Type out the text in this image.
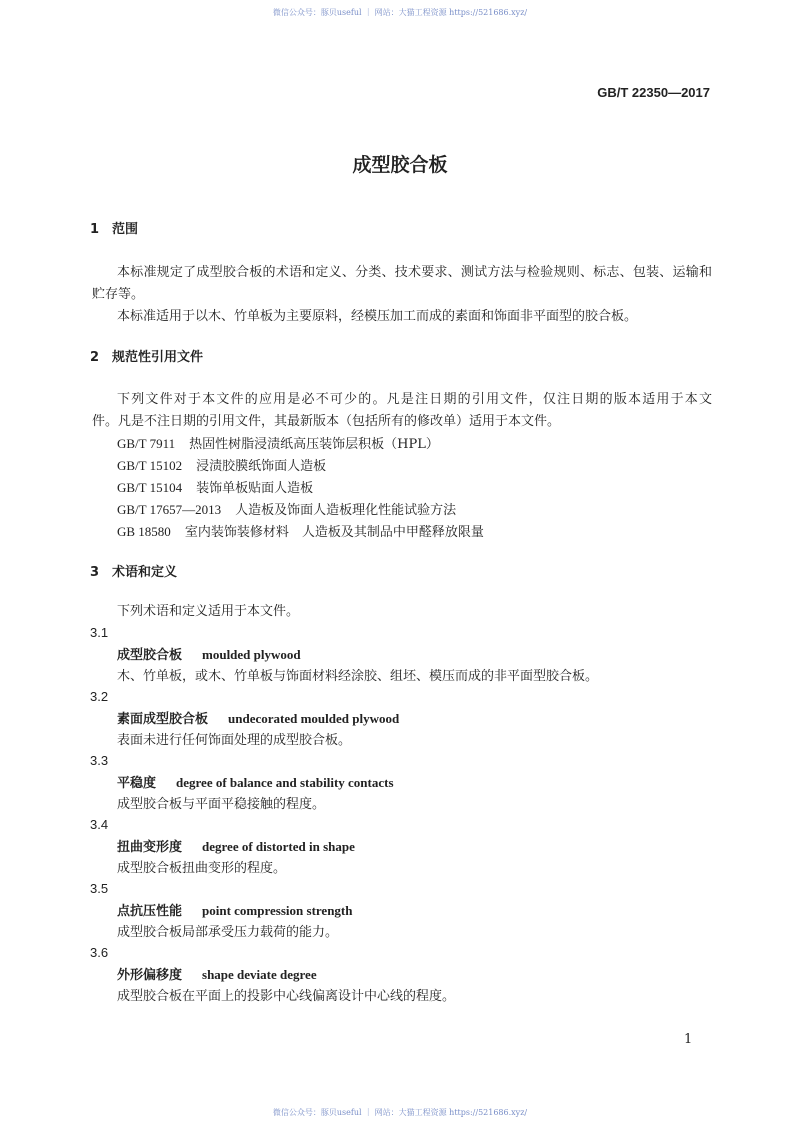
微信公众号：豚贝useful ｜ 网站：大猫工程资源 https://521686.xyz/
GB/T 22350—2017
成型胶合板
1 范围
本标准规定了成型胶合板的术语和定义、分类、技术要求、测试方法与检验规则、标志、包装、运输和
贮存等。
本标准适用于以木、竹单板为主要原料，经模压加工而成的素面和饰面非平面型的胶合板。
2 规范性引用文件
下列文件对于本文件的应用是必不可少的。凡是注日期的引用文件，仅注日期的版本适用于本文
件。凡是不注日期的引用文件，其最新版本（包括所有的修改单）适用于本文件。
GB/T 7911 热固性树脂浸渍纸高压装饰层积板（HPL）
GB/T 15102 浸渍胶膜纸饰面人造板
GB/T 15104 装饰单板贴面人造板
GB/T 17657—2013 人造板及饰面人造板理化性能试验方法
GB 18580 室内装饰装修材料　人造板及其制品中甲醛释放限量
3 术语和定义
下列术语和定义适用于本文件。
3.1
成型胶合板 moulded plywood
木、竹单板，或木、竹单板与饰面材料经涂胶、组坯、模压而成的非平面型胶合板。
3.2
素面成型胶合板 undecorated moulded plywood
表面未进行任何饰面处理的成型胶合板。
3.3
平稳度 degree of balance and stability contacts
成型胶合板与平面平稳接触的程度。
3.4
扭曲变形度 degree of distorted in shape
成型胶合板扭曲变形的程度。
3.5
点抗压性能 point compression strength
成型胶合板局部承受压力载荷的能力。
3.6
外形偏移度 shape deviate degree
成型胶合板在平面上的投影中心线偏离设计中心线的程度。
1
微信公众号：豚贝useful ｜ 网站：大猫工程资源 https://521686.xyz/
